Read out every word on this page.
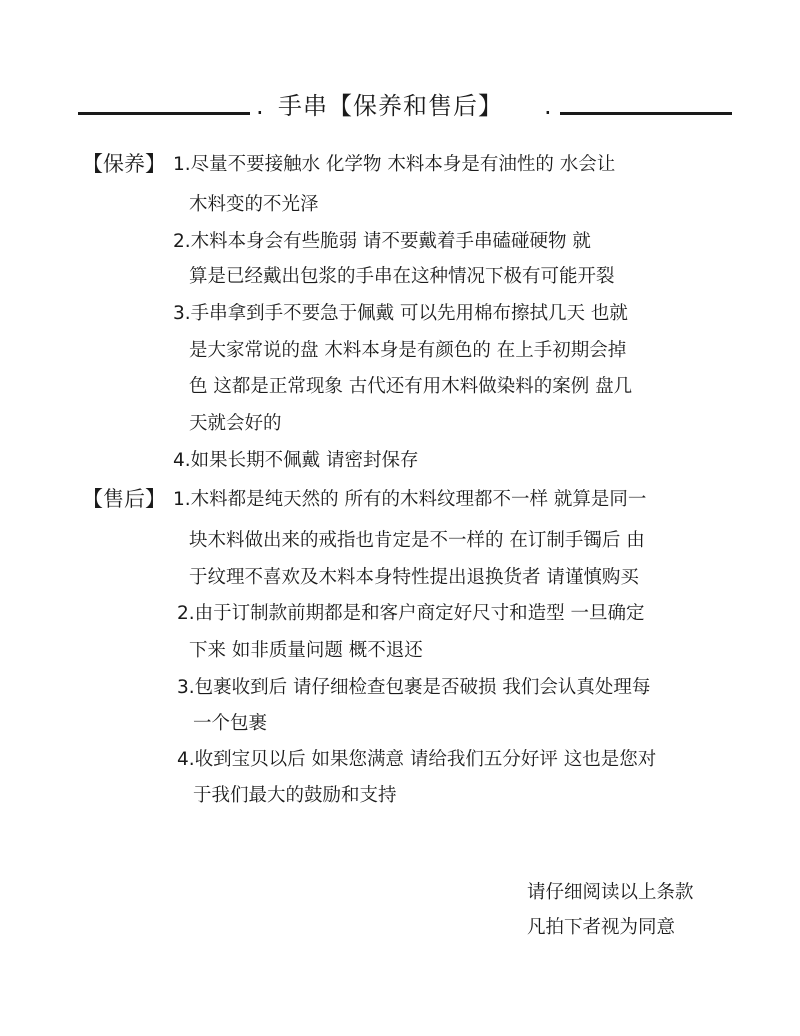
. 手串【保养和售后】 .
【保养】 1.尽量不要接触水 化学物 木料本身是有油性的 水会让
木料变的不光泽
2.木料本身会有些脆弱 请不要戴着手串磕碰硬物 就
算是已经戴出包浆的手串在这种情况下极有可能开裂
3.手串拿到手不要急于佩戴 可以先用棉布擦拭几天 也就
是大家常说的盘 木料本身是有颜色的 在上手初期会掉
色 这都是正常现象 古代还有用木料做染料的案例 盘几
天就会好的
4.如果长期不佩戴 请密封保存
【售后】 1.木料都是纯天然的 所有的木料纹理都不一样 就算是同一
块木料做出来的戒指也肯定是不一样的 在订制手镯后 由
于纹理不喜欢及木料本身特性提出退换货者 请谨慎购买
2.由于订制款前期都是和客户商定好尺寸和造型 一旦确定
下来 如非质量问题 概不退还
3.包裹收到后 请仔细检查包裹是否破损 我们会认真处理每
一个包裹
4.收到宝贝以后 如果您满意 请给我们五分好评 这也是您对
于我们最大的鼓励和支持
请仔细阅读以上条款
凡拍下者视为同意
